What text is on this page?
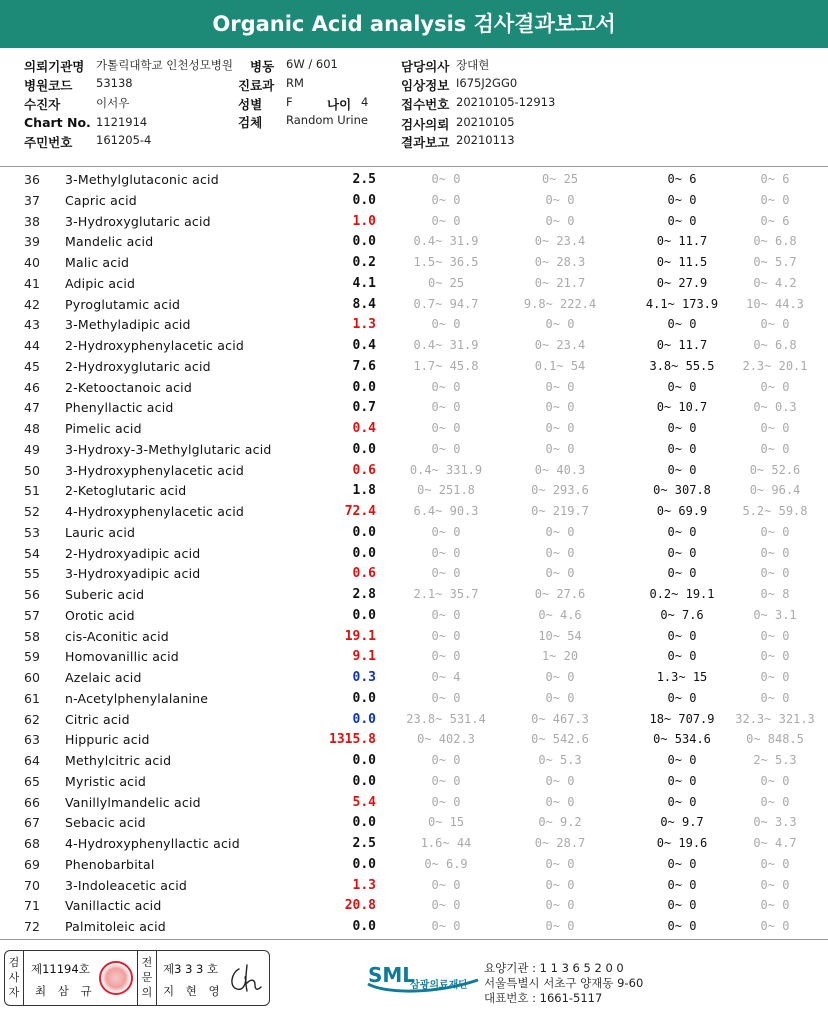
Organic Acid analysis 검사결과보고서
의뢰기관명 가톨릭대학교 인천성모병원 병동 6W / 601	담당의사 장대현
병원코드 53138	진료과 RM	임상정보 I675J2GG0
수진자	이서우	성별 F	나이 4	접수번호 20210105-12913
Chart No. 1121914	검체 Random Urine	검사의뢰 20210105
주민번호 161205-4	결과보고 20210113
36	3-Methylglutaconic acid	2.5	0~ 0	0~ 25	0~ 6	0~ 6
37	Capric acid	0.0	0~ 0	0~ 0	0~ 0	0~ 0
38	3-Hydroxyglutaric acid	1.0	0~ 0	0~ 0	0~ 0	0~ 6
39	Mandelic acid	0.0	0.4~ 31.9	0~ 23.4	0~ 11.7	0~ 6.8
40	Malic acid	0.2	1.5~ 36.5	0~ 28.3	0~ 11.5	0~ 5.7
41	Adipic acid	4.1	0~ 25	0~ 21.7	0~ 27.9	0~ 4.2
42	Pyroglutamic acid	8.4	0.7~ 94.7	9.8~ 222.4	4.1~ 173.9	10~ 44.3
43	3-Methyladipic acid	1.3	0~ 0	0~ 0	0~ 0	0~ 0
44	2-Hydroxyphenylacetic acid	0.4	0.4~ 31.9	0~ 23.4	0~ 11.7	0~ 6.8
45	2-Hydroxyglutaric acid	7.6	1.7~ 45.8	0.1~ 54	3.8~ 55.5	2.3~ 20.1
46	2-Ketooctanoic acid	0.0	0~ 0	0~ 0	0~ 0	0~ 0
47	Phenyllactic acid	0.7	0~ 0	0~ 0	0~ 10.7	0~ 0.3
48	Pimelic acid	0.4	0~ 0	0~ 0	0~ 0	0~ 0
49	3-Hydroxy-3-Methylglutaric acid	0.0	0~ 0	0~ 0	0~ 0	0~ 0
50	3-Hydroxyphenylacetic acid	0.6	0.4~ 331.9	0~ 40.3	0~ 0	0~ 52.6
51	2-Ketoglutaric acid	1.8	0~ 251.8	0~ 293.6	0~ 307.8	0~ 96.4
52	4-Hydroxyphenylacetic acid	72.4	6.4~ 90.3	0~ 219.7	0~ 69.9	5.2~ 59.8
53	Lauric acid	0.0	0~ 0	0~ 0	0~ 0	0~ 0
54	2-Hydroxyadipic acid	0.0	0~ 0	0~ 0	0~ 0	0~ 0
55	3-Hydroxyadipic acid	0.6	0~ 0	0~ 0	0~ 0	0~ 0
56	Suberic acid	2.8	2.1~ 35.7	0~ 27.6	0.2~ 19.1	0~ 8
57	Orotic acid	0.0	0~ 0	0~ 4.6	0~ 7.6	0~ 3.1
58	cis-Aconitic acid	19.1	0~ 0	10~ 54	0~ 0	0~ 0
59	Homovanillic acid	9.1	0~ 0	1~ 20	0~ 0	0~ 0
60	Azelaic acid	0.3	0~ 4	0~ 0	1.3~ 15	0~ 0
61	n-Acetylphenylalanine	0.0	0~ 0	0~ 0	0~ 0	0~ 0
62	Citric acid	0.0	23.8~ 531.4	0~ 467.3	18~ 707.9	32.3~ 321.3
63	Hippuric acid	1315.8	0~ 402.3	0~ 542.6	0~ 534.6	0~ 848.5
64	Methylcitric acid	0.0	0~ 0	0~ 5.3	0~ 0	2~ 5.3
65	Myristic acid	0.0	0~ 0	0~ 0	0~ 0	0~ 0
66	Vanillylmandelic acid	5.4	0~ 0	0~ 0	0~ 0	0~ 0
67	Sebacic acid	0.0	0~ 15	0~ 9.2	0~ 9.7	0~ 3.3
68	4-Hydroxyphenyllactic acid	2.5	1.6~ 44	0~ 28.7	0~ 19.6	0~ 4.7
69	Phenobarbital	0.0	0~ 6.9	0~ 0	0~ 0	0~ 0
70	3-Indoleacetic acid	1.3	0~ 0	0~ 0	0~ 0	0~ 0
71	Vanillactic acid	20.8	0~ 0	0~ 0	0~ 0	0~ 0
72	Palmitoleic acid	0.0	0~ 0	0~ 0	0~ 0	0~ 0
검
사
자
제11194호
최 삼 규
전
문
의
제3 3 3 호
지 현 영
SML
삼광의료재단
요양기관 : 1 1 3 6 5 2 0 0
서울특별시 서초구 양재동 9-60
대표번호 : 1661-5117
